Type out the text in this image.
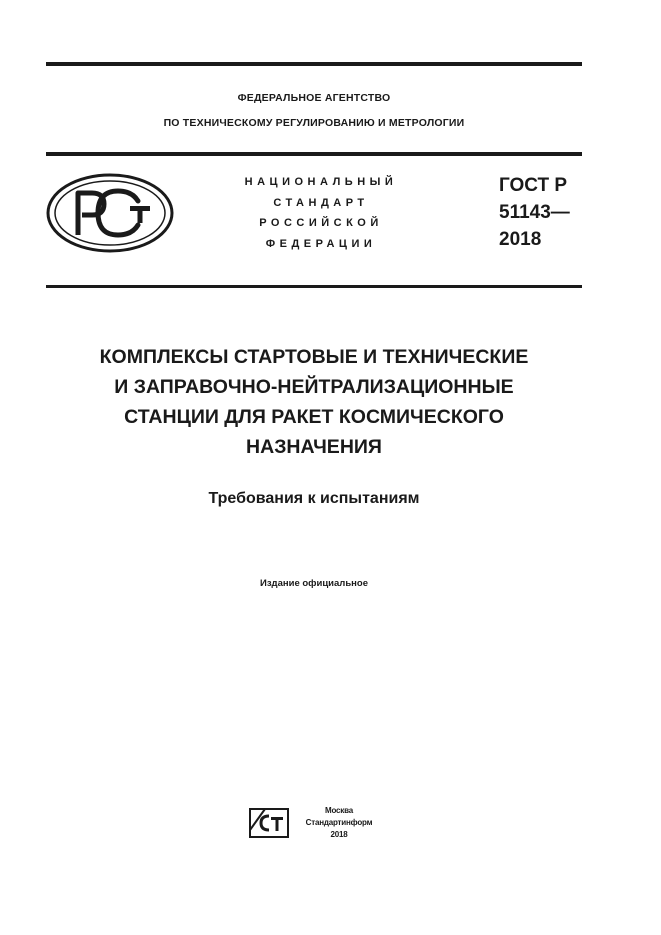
ФЕДЕРАЛЬНОЕ АГЕНТСТВО
ПО ТЕХНИЧЕСКОМУ РЕГУЛИРОВАНИЮ И МЕТРОЛОГИИ
НАЦИОНАЛЬНЫЙ
СТАНДАРТ
РОССИЙСКОЙ
ФЕДЕРАЦИИ
ГОСТ Р
51143—
2018
КОМПЛЕКСЫ СТАРТОВЫЕ И ТЕХНИЧЕСКИЕ
И ЗАПРАВОЧНО-НЕЙТРАЛИЗАЦИОННЫЕ
СТАНЦИИ ДЛЯ РАКЕТ КОСМИЧЕСКОГО
НАЗНАЧЕНИЯ
Требования к испытаниям
Издание официальное
Москва
Стандартинформ
2018
